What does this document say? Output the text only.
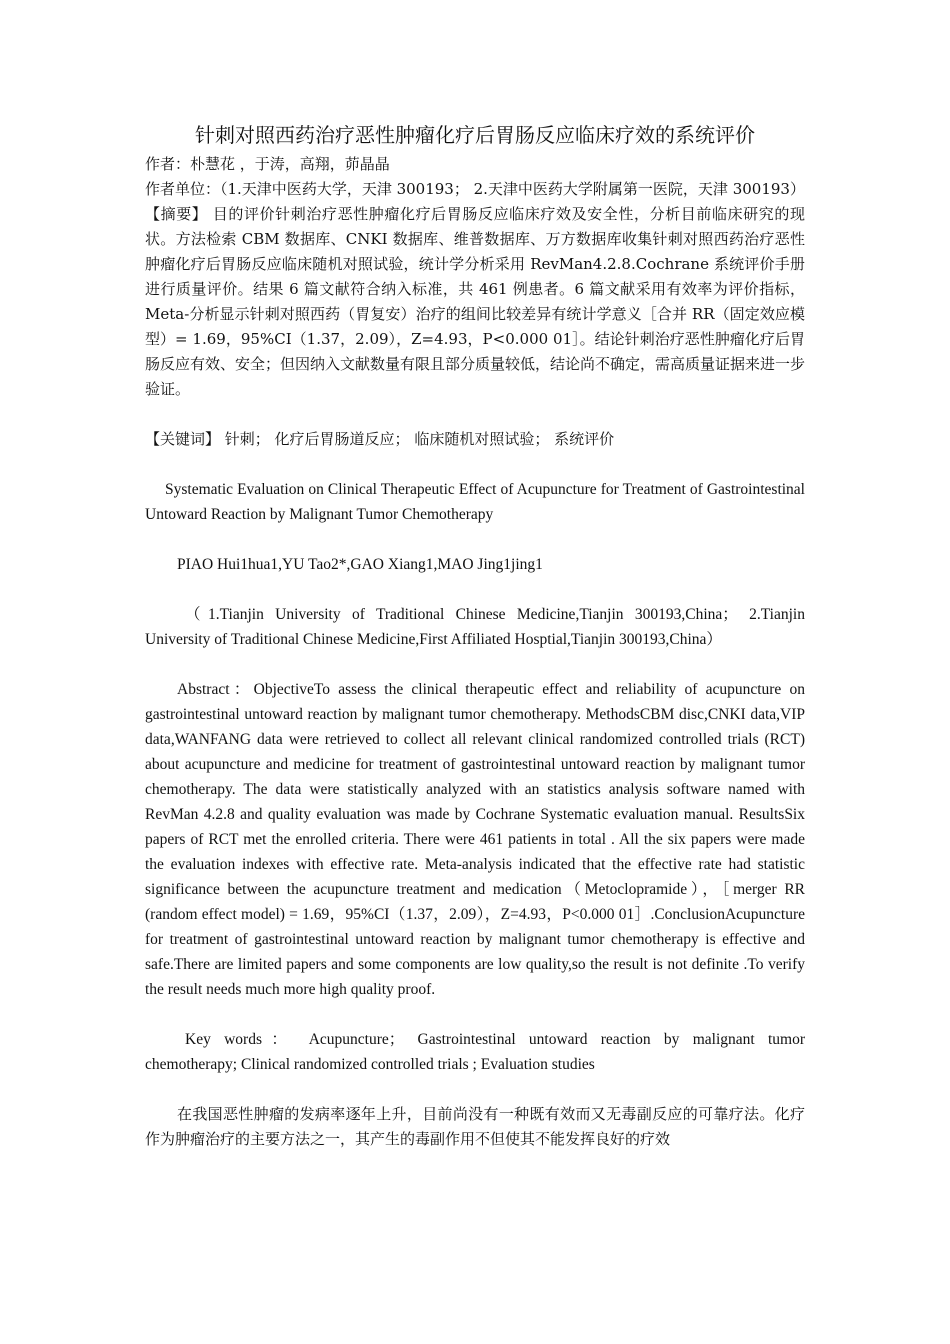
针刺对照西药治疗恶性肿瘤化疗后胃肠反应临床疗效的系统评价

作者：朴慧花 ，于涛，高翔，茆晶晶

作者单位：（1.天津中医药大学，天津 300193； 2.天津中医药大学附属第一医院，天津 300193）

【摘要】 目的评价针刺治疗恶性肿瘤化疗后胃肠反应临床疗效及安全性，分析目前临床研究的现状。方法检索 CBM 数据库、CNKI 数据库、维普数据库、万方数据库收集针刺对照西药治疗恶性肿瘤化疗后胃肠反应临床随机对照试验，统计学分析采用 RevMan4.2.8.Cochrane 系统评价手册进行质量评价。结果 6 篇文献符合纳入标准，共 461 例患者。6 篇文献采用有效率为评价指标，Meta-分析显示针刺对照西药（胃复安）治疗的组间比较差异有统计学意义［合并 RR（固定效应模型）= 1.69，95%CI（1.37，2.09），Z=4.93，P<0.000 01］。结论针刺治疗恶性肿瘤化疗后胃肠反应有效、安全；但因纳入文献数量有限且部分质量较低，结论尚不确定，需高质量证据来进一步验证。

【关键词】 针刺； 化疗后胃肠道反应； 临床随机对照试验； 系统评价

Systematic Evaluation on Clinical Therapeutic Effect of Acupuncture for Treatment of Gastrointestinal Untoward Reaction by Malignant Tumor Chemotherapy

PIAO Hui1hua1,YU Tao2*,GAO Xiang1,MAO Jing1jing1

（1.Tianjin University of Traditional Chinese Medicine,Tianjin 300193,China； 2.Tianjin University of Traditional Chinese Medicine,First Affiliated Hosptial,Tianjin 300193,China）

Abstract：ObjectiveTo assess the clinical therapeutic effect and reliability of acupuncture on gastrointestinal untoward reaction by malignant tumor chemotherapy. MethodsCBM disc,CNKI data,VIP data,WANFANG data were retrieved to collect all relevant clinical randomized controlled trials (RCT) about acupuncture and medicine for treatment of gastrointestinal untoward reaction by malignant tumor chemotherapy. The data were statistically analyzed with an statistics analysis software named with RevMan 4.2.8 and quality evaluation was made by Cochrane Systematic evaluation manual. ResultsSix papers of RCT met the enrolled criteria. There were 461 patients in total . All the six papers were made the evaluation indexes with effective rate. Meta-analysis indicated that the effective rate had statistic significance between the acupuncture treatment and medication（Metoclopramide），［merger RR (random effect model) = 1.69，95%CI（1.37，2.09），Z=4.93，P<0.000 01］.ConclusionAcupuncture for treatment of gastrointestinal untoward reaction by malignant tumor chemotherapy is effective and safe.There are limited papers and some components are low quality,so the result is not definite .To verify the result needs much more high quality proof.

Key words： Acupuncture； Gastrointestinal untoward reaction by malignant tumor chemotherapy; Clinical randomized controlled trials ; Evaluation studies

在我国恶性肿瘤的发病率逐年上升，目前尚没有一种既有效而又无毒副反应的可靠疗法。化疗作为肿瘤治疗的主要方法之一，其产生的毒副作用不但使其不能发挥良好的疗效
